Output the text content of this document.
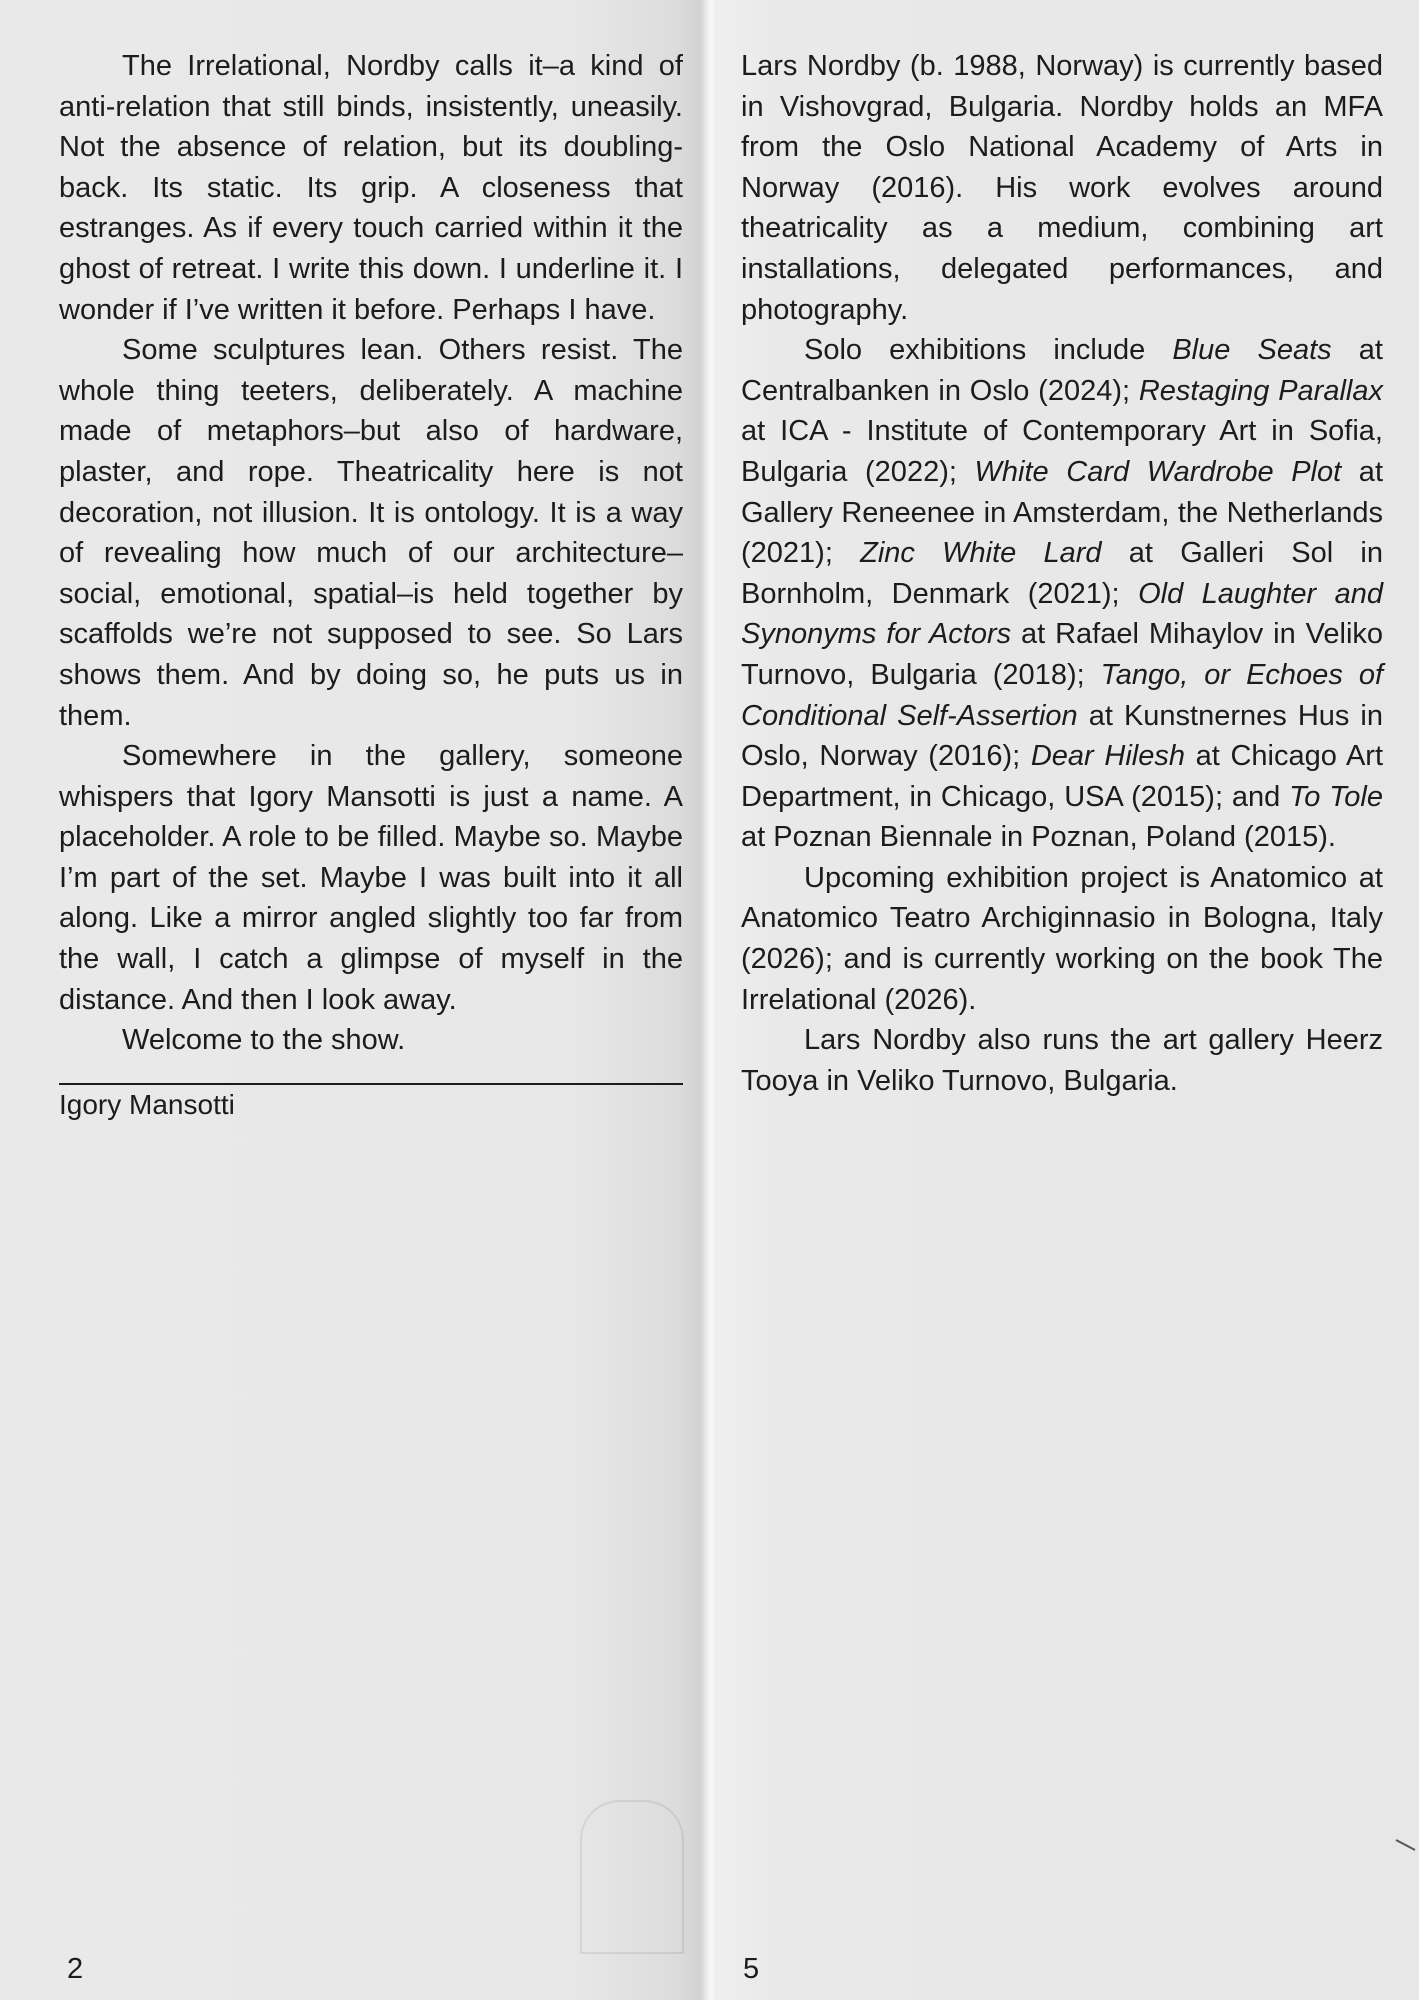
The Irrelational, Nordby calls it–a kind of anti-relation that still binds, insistently, uneasily. Not the absence of relation, but its doubling-back. Its static. Its grip. A closeness that estranges. As if every touch carried within it the ghost of retreat. I write this down. I underline it. I wonder if I’ve written it before. Perhaps I have.

Some sculptures lean. Others resist. The whole thing teeters, deliberately. A machine made of metaphors–but also of hardware, plaster, and rope. Theatricality here is not decoration, not illusion. It is ontology. It is a way of revealing how much of our architecture–social, emotional, spatial–is held together by scaffolds we’re not supposed to see. So Lars shows them. And by doing so, he puts us in them.

Somewhere in the gallery, someone whispers that Igory Mansotti is just a name. A placeholder. A role to be filled. Maybe so. Maybe I’m part of the set. Maybe I was built into it all along. Like a mirror angled slightly too far from the wall, I catch a glimpse of myself in the distance. And then I look away.

Welcome to the show.

Igory Mansotti

2

Lars Nordby (b. 1988, Norway) is currently based in Vishovgrad, Bulgaria. Nordby holds an MFA from the Oslo National Academy of Arts in Norway (2016). His work evolves around theatricality as a medium, combining art installations, delegated performances, and photography.

Solo exhibitions include Blue Seats at Centralbanken in Oslo (2024); Restaging Parallax at ICA - Institute of Contemporary Art in Sofia, Bulgaria (2022); White Card Wardrobe Plot at Gallery Reneenee in Amsterdam, the Netherlands (2021); Zinc White Lard at Galleri Sol in Bornholm, Denmark (2021); Old Laughter and Synonyms for Actors at Rafael Mihaylov in Veliko Turnovo, Bulgaria (2018); Tango, or Echoes of Conditional Self-Assertion at Kunstnernes Hus in Oslo, Norway (2016); Dear Hilesh at Chicago Art Department, in Chicago, USA (2015); and To Tole at Poznan Biennale in Poznan, Poland (2015).

Upcoming exhibition project is Anatomico at Anatomico Teatro Archiginnasio in Bologna, Italy (2026); and is currently working on the book The Irrelational (2026).

Lars Nordby also runs the art gallery Heerz Tooya in Veliko Turnovo, Bulgaria.

5
